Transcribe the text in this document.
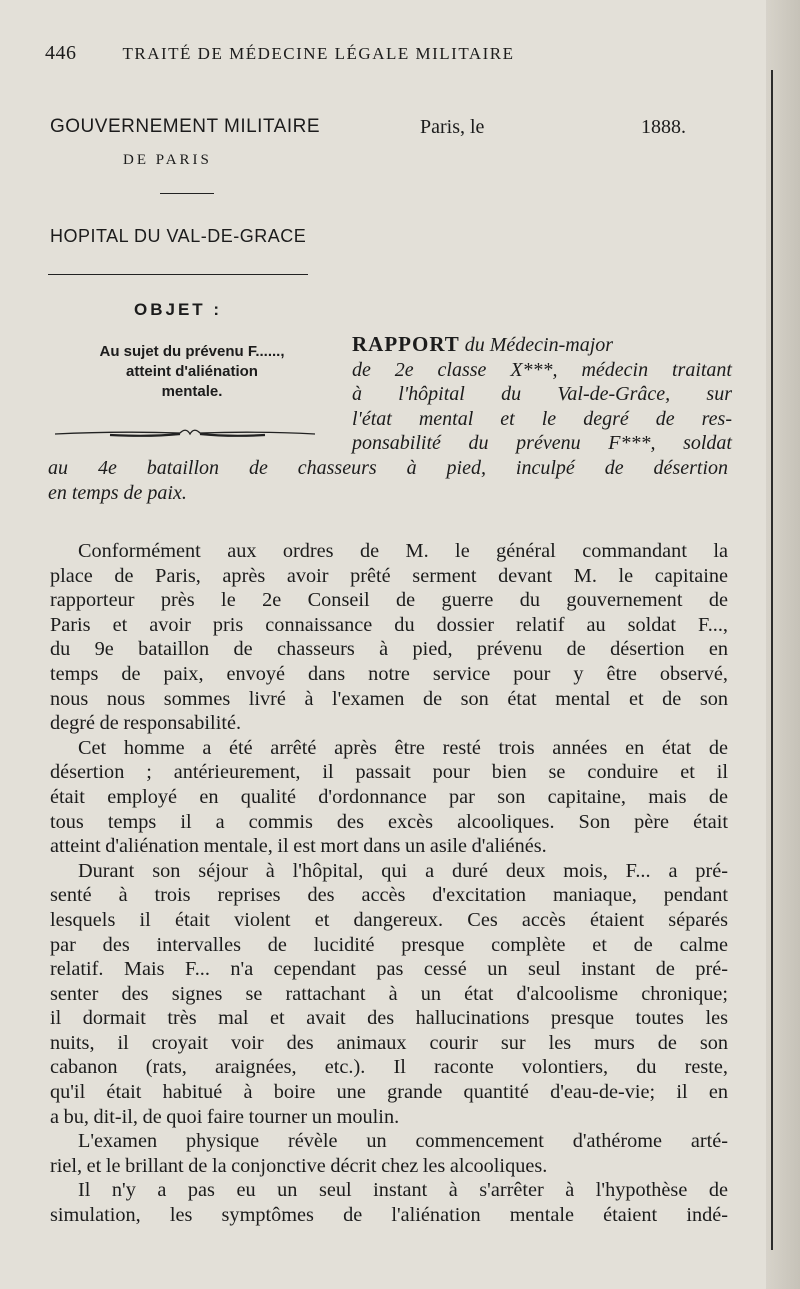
446	TRAITÉ DE MÉDECINE LÉGALE MILITAIRE
GOUVERNEMENT MILITAIRE
DE PARIS
Paris, le	1888.
HOPITAL DU VAL-DE-GRACE
OBJET :
Au sujet du prévenu F......,
atteint d'aliénation
mentale.
RAPPORT du Médecin-major
de 2e classe X***, médecin traitant
à l'hôpital du Val-de-Grâce, sur
l'état mental et le degré de res-
ponsabilité du prévenu F***, soldat
au 4e bataillon de chasseurs à pied, inculpé de désertion
en temps de paix.
Conformément aux ordres de M. le général commandant la
place de Paris, après avoir prêté serment devant M. le capitaine
rapporteur près le 2e Conseil de guerre du gouvernement de
Paris et avoir pris connaissance du dossier relatif au soldat F...,
du 9e bataillon de chasseurs à pied, prévenu de désertion en
temps de paix, envoyé dans notre service pour y être observé,
nous nous sommes livré à l'examen de son état mental et de son
degré de responsabilité.
Cet homme a été arrêté après être resté trois années en état de
désertion ; antérieurement, il passait pour bien se conduire et il
était employé en qualité d'ordonnance par son capitaine, mais de
tous temps il a commis des excès alcooliques. Son père était
atteint d'aliénation mentale, il est mort dans un asile d'aliénés.
Durant son séjour à l'hôpital, qui a duré deux mois, F... a pré-
senté à trois reprises des accès d'excitation maniaque, pendant
lesquels il était violent et dangereux. Ces accès étaient séparés
par des intervalles de lucidité presque complète et de calme
relatif. Mais F... n'a cependant pas cessé un seul instant de pré-
senter des signes se rattachant à un état d'alcoolisme chronique;
il dormait très mal et avait des hallucinations presque toutes les
nuits, il croyait voir des animaux courir sur les murs de son
cabanon (rats, araignées, etc.). Il raconte volontiers, du reste,
qu'il était habitué à boire une grande quantité d'eau-de-vie; il en
a bu, dit-il, de quoi faire tourner un moulin.
L'examen physique révèle un commencement d'athérome arté-
riel, et le brillant de la conjonctive décrit chez les alcooliques.
Il n'y a pas eu un seul instant à s'arrêter à l'hypothèse de
simulation, les symptômes de l'aliénation mentale étaient indé-
